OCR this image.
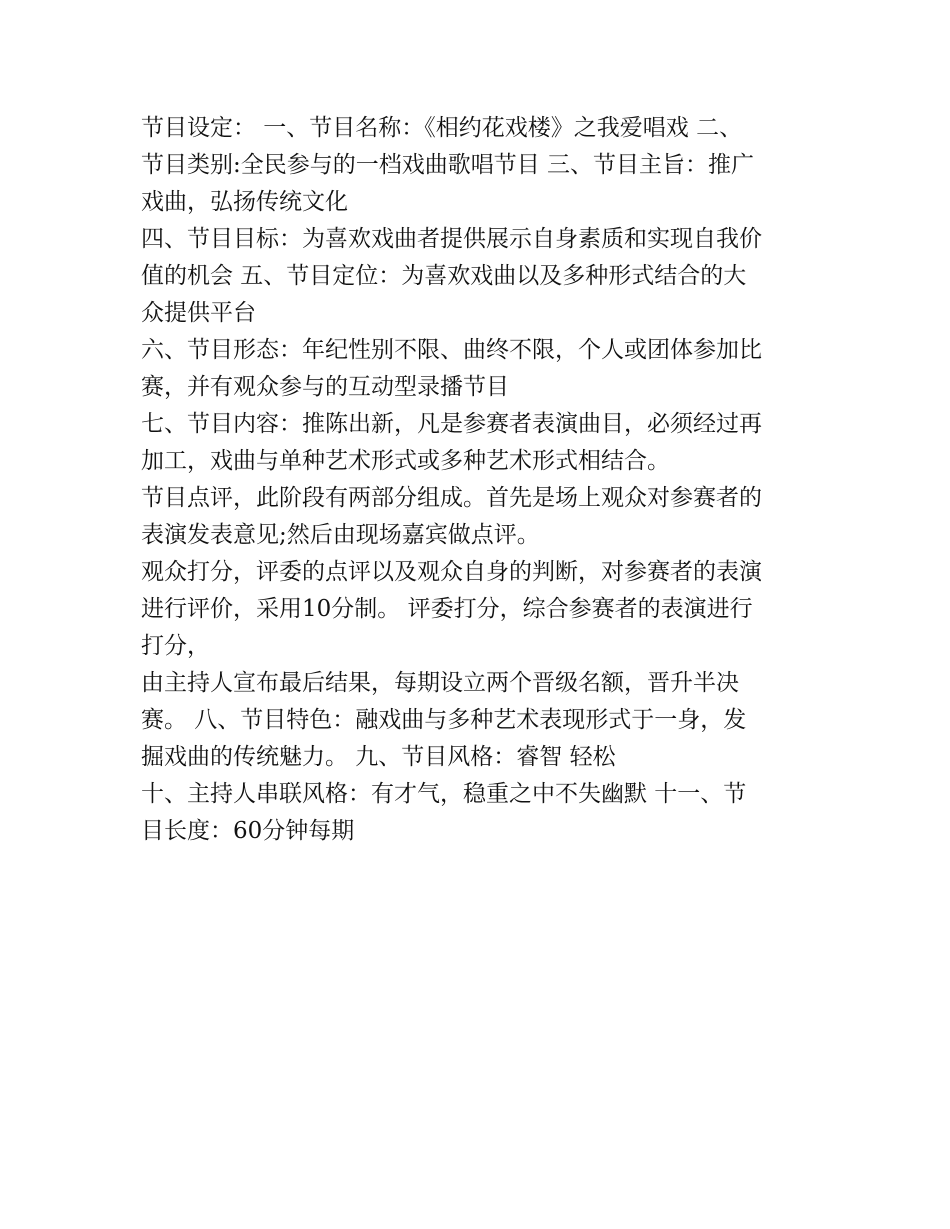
节目设定： 一、节目名称：《相约花戏楼》之我爱唱戏 二、
节目类别:全民参与的一档戏曲歌唱节目 三、节目主旨：推广
戏曲，弘扬传统文化
四、节目目标：为喜欢戏曲者提供展示自身素质和实现自我价
值的机会 五、节目定位：为喜欢戏曲以及多种形式结合的大
众提供平台
六、节目形态：年纪性别不限、曲终不限，个人或团体参加比
赛，并有观众参与的互动型录播节目
七、节目内容：推陈出新，凡是参赛者表演曲目，必须经过再
加工，戏曲与单种艺术形式或多种艺术形式相结合。
节目点评，此阶段有两部分组成。首先是场上观众对参赛者的
表演发表意见;然后由现场嘉宾做点评。
观众打分，评委的点评以及观众自身的判断，对参赛者的表演
进行评价，采用10分制。 评委打分，综合参赛者的表演进行
打分，
由主持人宣布最后结果，每期设立两个晋级名额，晋升半决
赛。 八、节目特色：融戏曲与多种艺术表现形式于一身，发
掘戏曲的传统魅力。 九、节目风格：睿智 轻松
十、主持人串联风格：有才气，稳重之中不失幽默 十一、节
目长度：60分钟每期
